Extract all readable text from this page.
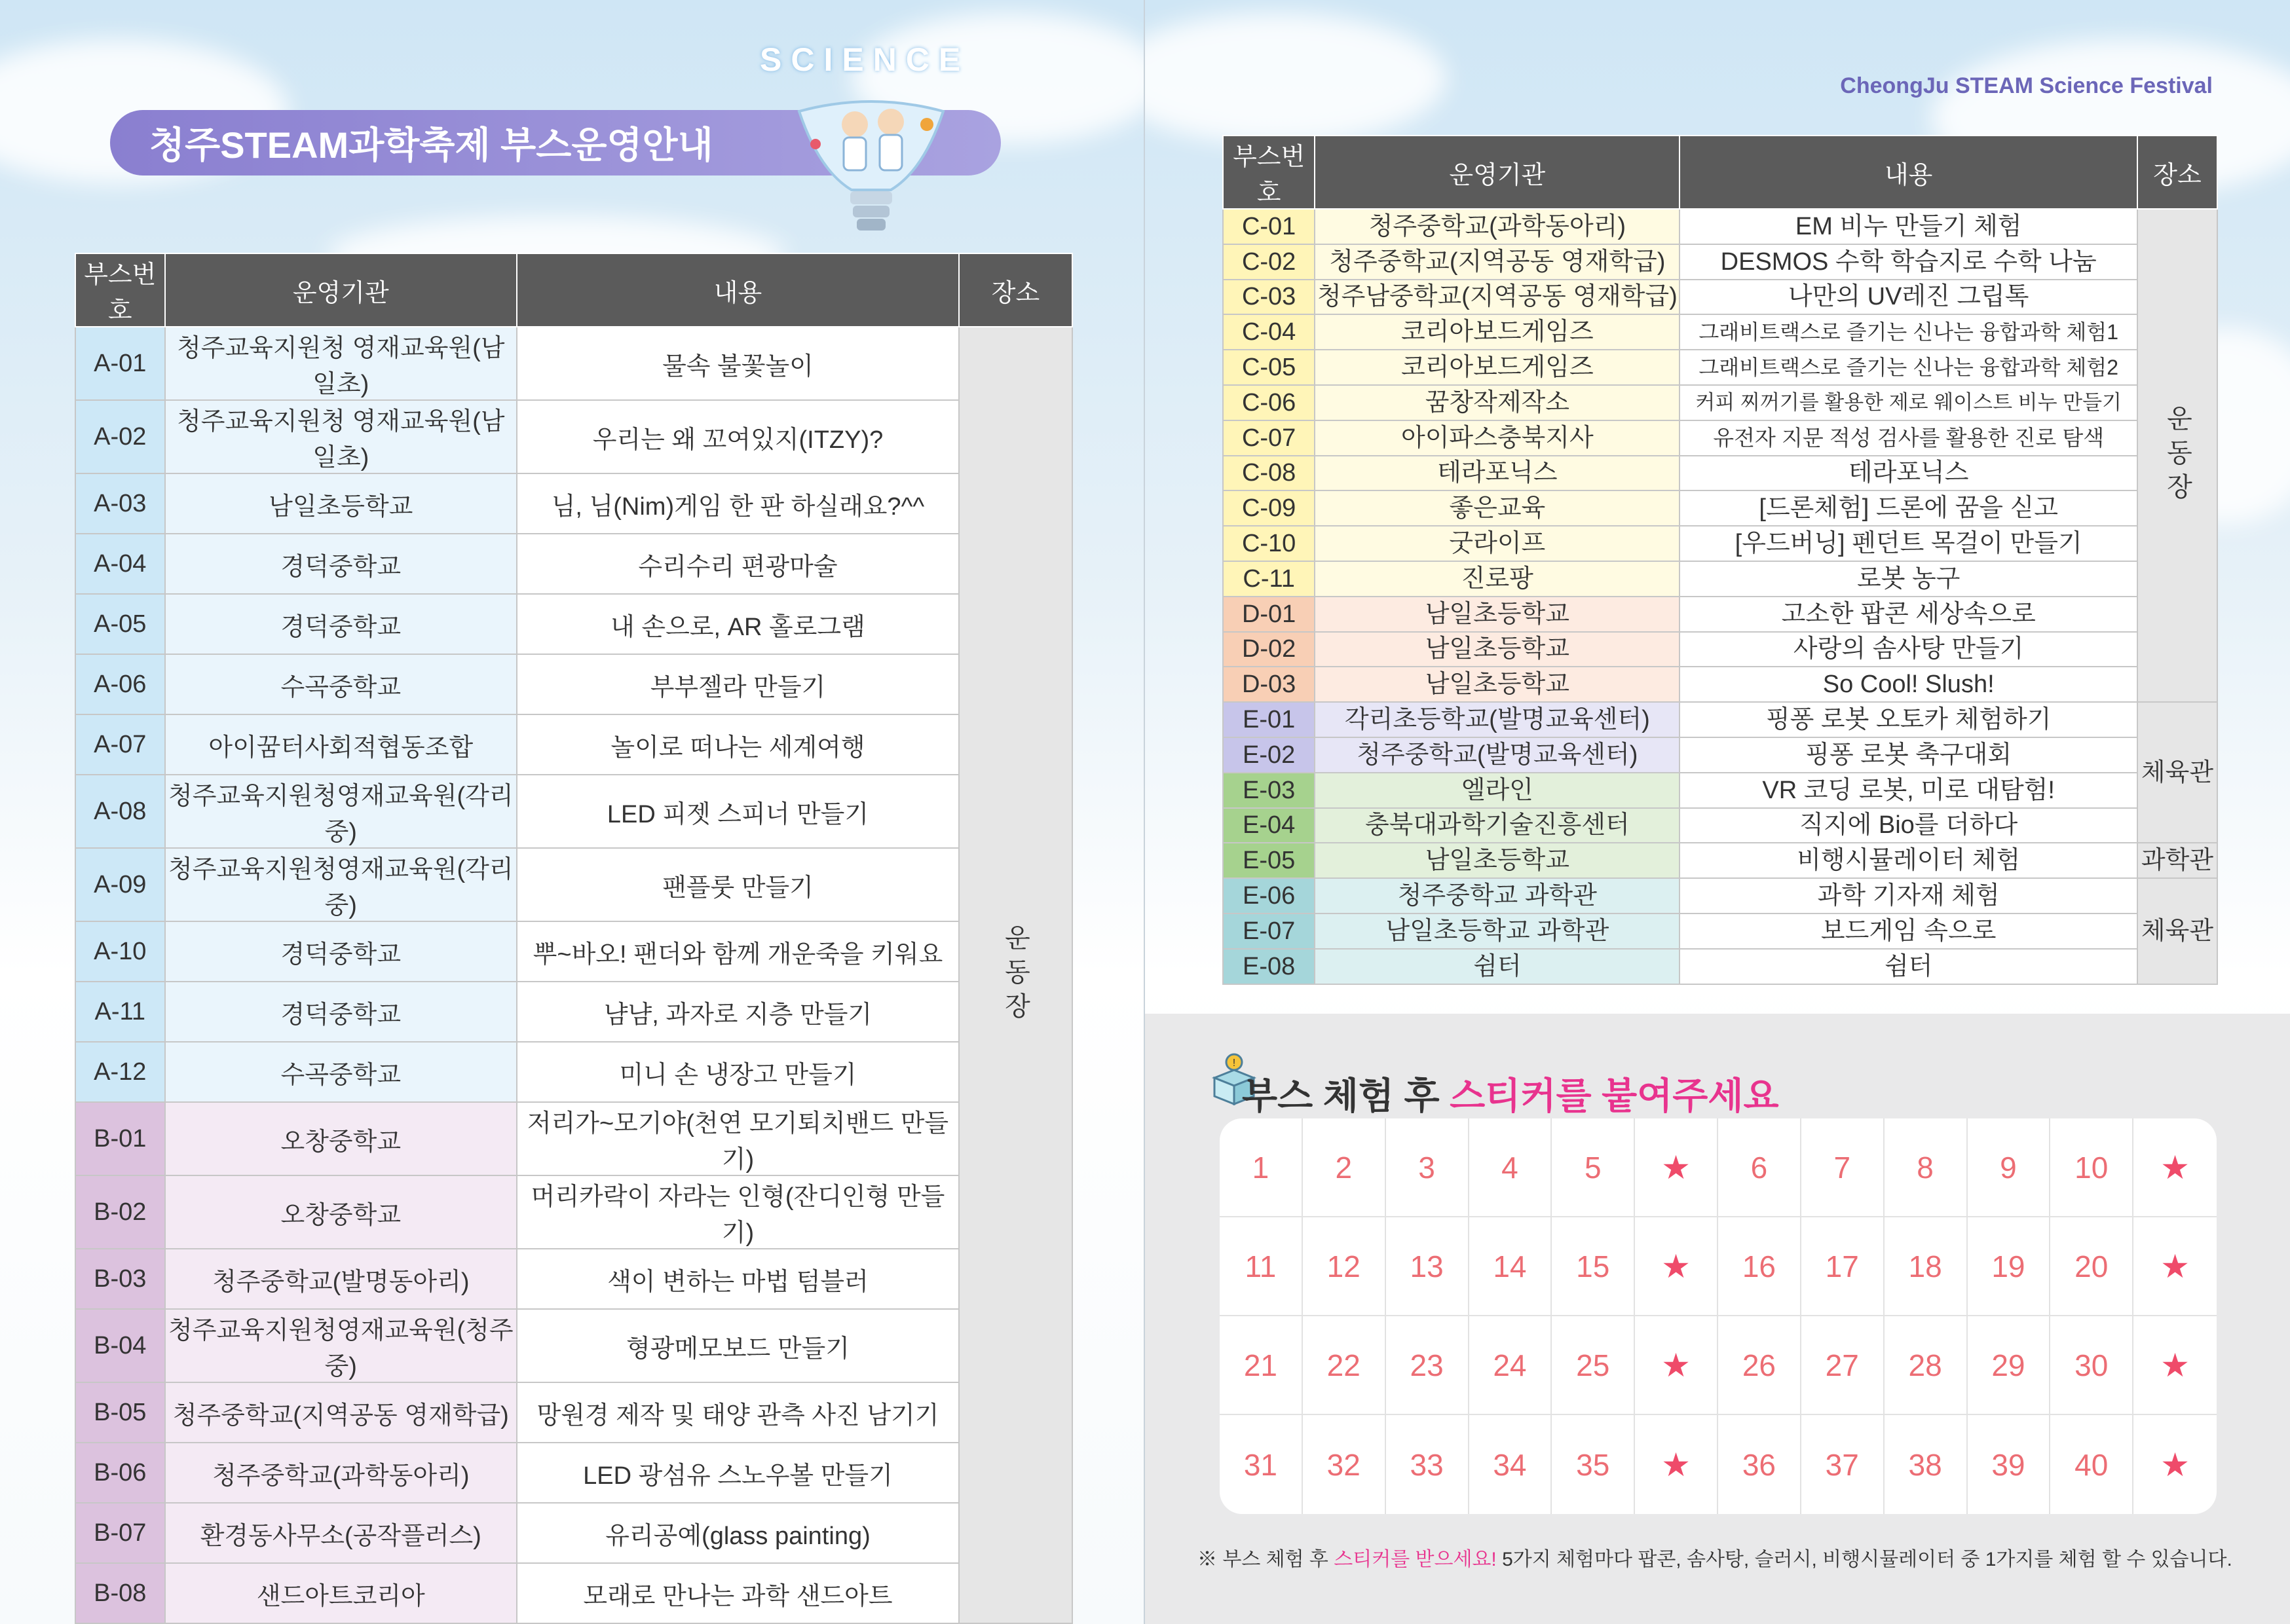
청주STEAM과학축제 부스운영안내
SCIENCE
부스번호	운영기관	내용	장소
A-01	청주교육지원청 영재교육원(남일초)	물속 불꽃놀이	운동장
A-02	청주교육지원청 영재교육원(남일초)	우리는 왜 꼬여있지(ITZY)?	
A-03	남일초등학교	님, 님(Nim)게임 한 판 하실래요?^^	
A-04	경덕중학교	수리수리 편광마술	
A-05	경덕중학교	내 손으로, AR 홀로그램	
A-06	수곡중학교	부부젤라 만들기	
A-07	아이꿈터사회적협동조합	놀이로 떠나는 세계여행	
A-08	청주교육지원청영재교육원(각리중)	LED 피젯 스피너 만들기	
A-09	청주교육지원청영재교육원(각리중)	팬플룻 만들기	
A-10	경덕중학교	뿌~바오! 팬더와 함께 개운죽을 키워요	
A-11	경덕중학교	냠냠, 과자로 지층 만들기	
A-12	수곡중학교	미니 손 냉장고 만들기	
B-01	오창중학교	저리가~모기야(천연 모기퇴치밴드 만들기)	
B-02	오창중학교	머리카락이 자라는 인형(잔디인형 만들기)	
B-03	청주중학교(발명동아리)	색이 변하는 마법 텀블러	
B-04	청주교육지원청영재교육원(청주중)	형광메모보드 만들기	
B-05	청주중학교(지역공동 영재학급)	망원경 제작 및 태양 관측 사진 남기기	
B-06	청주중학교(과학동아리)	LED 광섬유 스노우볼 만들기	
B-07	환경동사무소(공작플러스)	유리공예(glass painting)	
B-08	샌드아트코리아	모래로 만나는 과학 샌드아트	
CheongJu STEAM Science Festival
부스번호	운영기관	내용	장소
C-01	청주중학교(과학동아리)	EM 비누 만들기 체험	운동장
C-02	청주중학교(지역공동 영재학급)	DESMOS 수학 학습지로 수학 나눔	
C-03	청주남중학교(지역공동 영재학급)	나만의 UV레진 그립톡	
C-04	코리아보드게임즈	그래비트랙스로 즐기는 신나는 융합과학 체험1	
C-05	코리아보드게임즈	그래비트랙스로 즐기는 신나는 융합과학 체험2	
C-06	꿈창작제작소	커피 찌꺼기를 활용한 제로 웨이스트 비누 만들기	
C-07	아이파스충북지사	유전자 지문 적성 검사를 활용한 진로 탐색	
C-08	테라포닉스	테라포닉스	
C-09	좋은교육	[드론체험] 드론에 꿈을 싣고	
C-10	굿라이프	[우드버닝] 펜던트 목걸이 만들기	
C-11	진로팡	로봇 농구	
D-01	남일초등학교	고소한 팝콘 세상속으로	
D-02	남일초등학교	사랑의 솜사탕 만들기	
D-03	남일초등학교	So Cool! Slush!	
E-01	각리초등학교(발명교육센터)	핑퐁 로봇 오토카 체험하기	체육관
E-02	청주중학교(발명교육센터)	핑퐁 로봇 축구대회	
E-03	엘라인	VR 코딩 로봇, 미로 대탐험!	
E-04	충북대과학기술진흥센터	직지에 Bio를 더하다	
E-05	남일초등학교	비행시뮬레이터 체험	과학관
E-06	청주중학교 과학관	과학 기자재 체험	체육관
E-07	남일초등학교 과학관	보드게임 속으로	
E-08	쉼터	쉼터	
!
부스 체험 후 스티커를 붙여주세요
1	2	3	4	5	★	6	7	8	9	10	★
11	12	13	14	15	★	16	17	18	19	20	★
21	22	23	24	25	★	26	27	28	29	30	★
31	32	33	34	35	★	36	37	38	39	40	★
※ 부스 체험 후 스티커를 받으세요! 5가지 체험마다 팝콘, 솜사탕, 슬러시, 비행시뮬레이터 중 1가지를 체험 할 수 있습니다.
